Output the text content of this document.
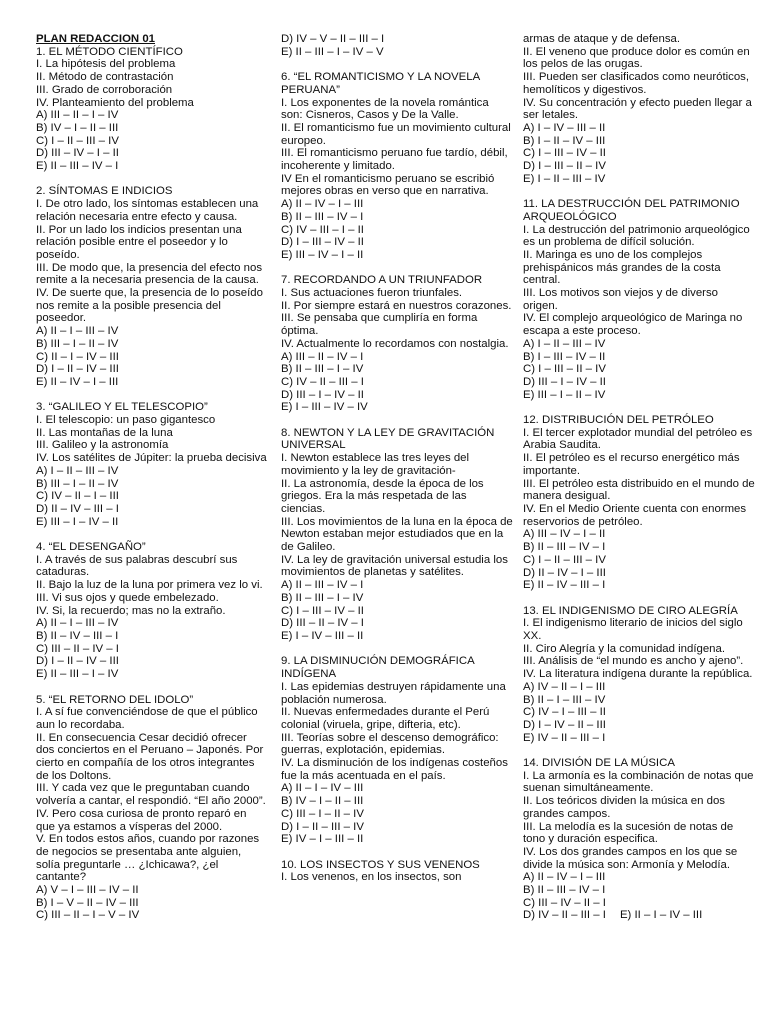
PLAN REDACCION 01
1. EL MÉTODO CIENTÍFICO
I. La hipótesis del problema
II. Método de contrastación
III. Grado de corroboración
IV. Planteamiento del problema
A) III – II – I – IV
B) IV – I – II – III
C) I – II – III – IV
D) III – IV – I – II
E) II – III – IV – I
2. SÍNTOMAS E INDICIOS
I. De otro lado, los síntomas establecen una relación necesaria entre efecto y causa.
II. Por un lado los indicios presentan una relación posible entre el poseedor y lo poseído.
III. De modo que, la presencia del efecto nos remite a la necesaria presencia de la causa.
IV. De suerte que, la presencia de lo poseído nos remite a la posible presencia del poseedor.
A) II – I – III – IV
B) III – I – II – IV
C) II – I – IV – III
D) I – II – IV – III
E) II – IV – I – III
3. “GALILEO Y EL TELESCOPIO”
I. El telescopio: un paso gigantesco
II. Las montañas de la luna
III. Galileo y la astronomía
IV. Los satélites de Júpiter: la prueba decisiva
A) I – II – III – IV
B) III – I – II – IV
C) IV – II – I – III
D) II – IV – III – I
E) III – I – IV – II
4. “EL DESENGAÑO”
I. A través de sus palabras descubrí sus cataduras.
II. Bajo la luz de la luna por primera vez lo vi.
III. Vi sus ojos y quede embelezado.
IV. Si, la recuerdo; mas no la extraño.
A) II – I – III – IV
B) II – IV – III – I
C) III – II – IV – I
D) I – II – IV – III
E) II – III – I – IV
5. “EL RETORNO DEL IDOLO”
I. A sí fue convenciéndose de que el público aun lo recordaba.
II. En consecuencia Cesar decidió ofrecer dos conciertos en el Peruano – Japonés. Por cierto en compañía de los otros integrantes de los Doltons.
III. Y cada vez que le preguntaban cuando volvería a cantar, el respondió. “El año 2000”.
IV. Pero cosa curiosa de pronto reparó en que ya estamos a vísperas del 2000.
V. En todos estos años, cuando por razones de negocios se presentaba ante alguien, solía preguntarle … ¿Ichicawa?, ¿el cantante?
A) V – I – III – IV – II
B) I – V – II – IV – III
C) III – II – I – V – IV
D) IV – V – II – III – I
E) II – III – I – IV – V
6. “EL ROMANTICISMO Y LA NOVELA PERUANA”
I. Los exponentes de la novela romántica son: Cisneros, Casos y De la Valle.
II. El romanticismo fue un movimiento cultural europeo.
III. El romanticismo peruano fue tardío, débil, incoherente y limitado.
IV En el romanticismo peruano se escribió mejores obras en verso que en narrativa.
A) II – IV – I – III
B) II – III – IV – I
C) IV – III – I – II
D) I – III – IV – II
E) III – IV – I – II
7. RECORDANDO A UN TRIUNFADOR
I. Sus actuaciones fueron triunfales.
II. Por siempre estará en nuestros corazones.
III. Se pensaba que cumpliría en forma óptima.
IV. Actualmente lo recordamos con nostalgia.
A) III – II – IV – I
B) II – III – I – IV
C) IV – II – III – I
D) III – I – IV – II
E) I – III – IV – IV
8. NEWTON Y LA LEY DE GRAVITACIÓN UNIVERSAL
I. Newton establece las tres leyes del movimiento y la ley de gravitación-
II. La astronomía, desde la época de los griegos. Era la más respetada de las ciencias.
III. Los movimientos de la luna en la época de Newton estaban mejor estudiados que en la de Galileo.
IV. La ley de gravitación universal estudia los movimientos de planetas y satélites.
A) II – III – IV – I
B) II – III – I – IV
C) I – III – IV – II
D) III – II – IV – I
E) I – IV – III – II
9. LA DISMINUCIÓN DEMOGRÁFICA INDÍGENA
I. Las epidemias destruyen rápidamente una población numerosa.
II. Nuevas enfermedades durante el Perú colonial (viruela, gripe, difteria, etc).
III. Teorías sobre el descenso demográfico: guerras, explotación, epidemias.
IV. La disminución de los indígenas costeños fue la más acentuada en el país.
A) II – I – IV – III
B) IV – I – II – III
C) III – I – II – IV
D) I – II – III – IV
E) IV – I – III – II
10. LOS INSECTOS Y SUS VENENOS
I. Los venenos, en los insectos, son
armas de ataque y de defensa.
II. El veneno que produce dolor es común en los pelos de las orugas.
III. Pueden ser clasificados como neuróticos, hemolíticos y digestivos.
IV. Su concentración y efecto pueden llegar a ser letales.
A) I – IV – III – II
B) I – II – IV – III
C) I – III – IV – II
D) I – III – II – IV
E) I – II – III – IV
11. LA DESTRUCCIÓN DEL PATRIMONIO ARQUEOLÓGICO
I. La destrucción del patrimonio arqueológico es un problema de difícil solución.
II. Maringa es uno de los complejos prehispánicos más grandes de la costa central.
III. Los motivos son viejos y de diverso origen.
IV. El complejo arqueológico de Maringa no escapa a este proceso.
A) I – II – III – IV
B) I – III – IV – II
C) I – III – II – IV
D) III – I – IV – II
E) III – I – II – IV
12. DISTRIBUCIÓN DEL PETRÓLEO
I. El tercer explotador mundial del petróleo es Arabia Saudita.
II. El petróleo es el recurso energético más importante.
III. El petróleo esta distribuido en el mundo de manera desigual.
IV. En el Medio Oriente cuenta con enormes reservorios de petróleo.
A) III – IV – I – II
B) II – III – IV – I
C) I – II – III – IV
D) II – IV – I – III
E) II – IV – III – I
13. EL INDIGENISMO DE CIRO ALEGRÍA
I. El indigenismo literario de inicios del siglo XX.
II. Ciro Alegría y la comunidad indígena.
III. Análisis de “el mundo es ancho y ajeno”.
IV. La literatura indígena durante la república.
A) IV – II – I – III
B) II – I – III – IV
C) IV – I – III – II
D) I – IV – II – III
E) IV – II – III – I
14. DIVISIÓN DE LA MÚSICA
I. La armonía es la combinación de notas que suenan simultáneamente.
II. Los teóricos dividen la música en dos grandes campos.
III. La melodía es la sucesión de notas de tono y duración especifica.
IV. Los dos grandes campos en los que se divide la música son: Armonía y Melodía.
A) II – IV – I – III
B) II – III – IV – I
C) III – IV – II – I
D) IV – II – III – I E) II – I – IV – III
